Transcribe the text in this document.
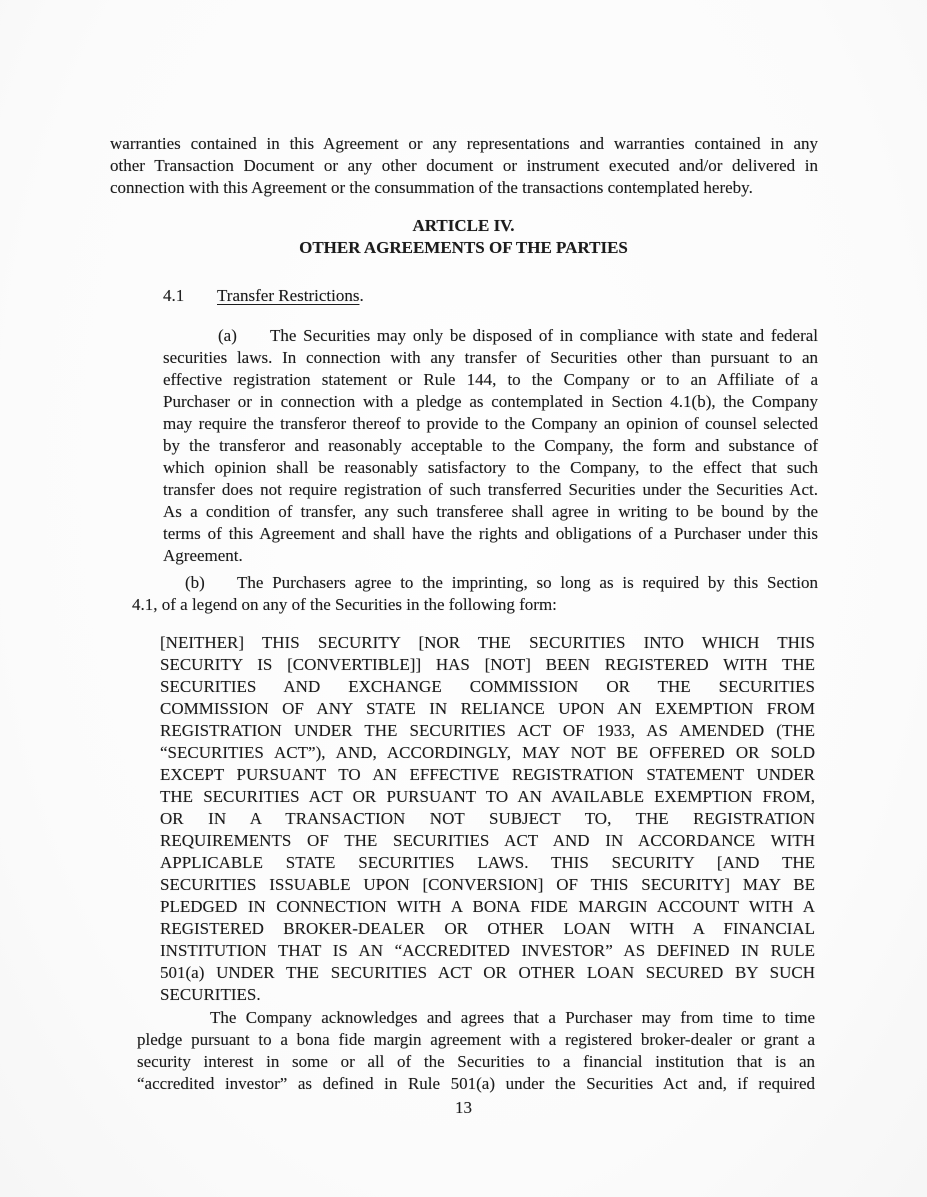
warranties contained in this Agreement or any representations and warranties contained in any
other Transaction Document or any other document or instrument executed and/or delivered in
connection with this Agreement or the consummation of the transactions contemplated hereby.
ARTICLE IV.
OTHER AGREEMENTS OF THE PARTIES
4.1 Transfer Restrictions.
(a) The Securities may only be disposed of in compliance with state and federal
securities laws. In connection with any transfer of Securities other than pursuant to an
effective registration statement or Rule 144, to the Company or to an Affiliate of a
Purchaser or in connection with a pledge as contemplated in Section 4.1(b), the Company
may require the transferor thereof to provide to the Company an opinion of counsel selected
by the transferor and reasonably acceptable to the Company, the form and substance of
which opinion shall be reasonably satisfactory to the Company, to the effect that such
transfer does not require registration of such transferred Securities under the Securities Act.
As a condition of transfer, any such transferee shall agree in writing to be bound by the
terms of this Agreement and shall have the rights and obligations of a Purchaser under this
Agreement.
(b) The Purchasers agree to the imprinting, so long as is required by this Section
4.1, of a legend on any of the Securities in the following form:
[NEITHER] THIS SECURITY [NOR THE SECURITIES INTO WHICH THIS
SECURITY IS [CONVERTIBLE]] HAS [NOT] BEEN REGISTERED WITH THE
SECURITIES AND EXCHANGE COMMISSION OR THE SECURITIES
COMMISSION OF ANY STATE IN RELIANCE UPON AN EXEMPTION FROM
REGISTRATION UNDER THE SECURITIES ACT OF 1933, AS AMENDED (THE
“SECURITIES ACT”), AND, ACCORDINGLY, MAY NOT BE OFFERED OR SOLD
EXCEPT PURSUANT TO AN EFFECTIVE REGISTRATION STATEMENT UNDER
THE SECURITIES ACT OR PURSUANT TO AN AVAILABLE EXEMPTION FROM,
OR IN A TRANSACTION NOT SUBJECT TO, THE REGISTRATION
REQUIREMENTS OF THE SECURITIES ACT AND IN ACCORDANCE WITH
APPLICABLE STATE SECURITIES LAWS. THIS SECURITY [AND THE
SECURITIES ISSUABLE UPON [CONVERSION] OF THIS SECURITY] MAY BE
PLEDGED IN CONNECTION WITH A BONA FIDE MARGIN ACCOUNT WITH A
REGISTERED BROKER-DEALER OR OTHER LOAN WITH A FINANCIAL
INSTITUTION THAT IS AN “ACCREDITED INVESTOR” AS DEFINED IN RULE
501(a) UNDER THE SECURITIES ACT OR OTHER LOAN SECURED BY SUCH
SECURITIES.
The Company acknowledges and agrees that a Purchaser may from time to time
pledge pursuant to a bona fide margin agreement with a registered broker-dealer or grant a
security interest in some or all of the Securities to a financial institution that is an
“accredited investor” as defined in Rule 501(a) under the Securities Act and, if required
13
